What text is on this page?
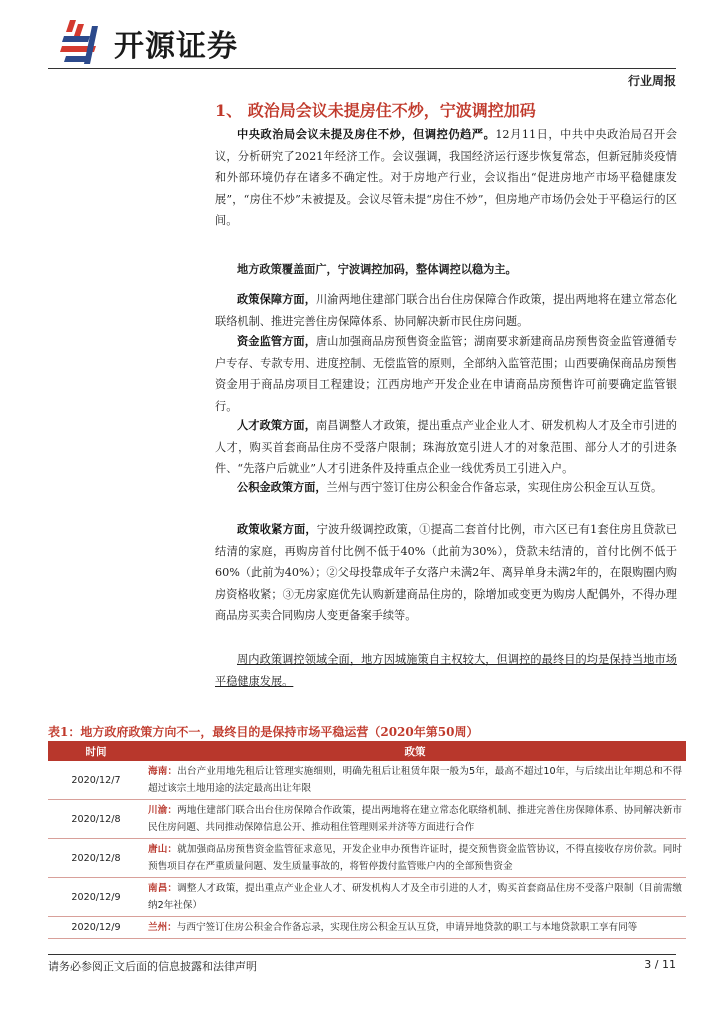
开源证券
行业周报
1、 政治局会议未提房住不炒，宁波调控加码
中央政治局会议未提及房住不炒，但调控仍趋严。12月11日，中共中央政治局召开会议，分析研究了2021年经济工作。会议强调，我国经济运行逐步恢复常态，但新冠肺炎疫情和外部环境仍存在诸多不确定性。对于房地产行业，会议指出“促进房地产市场平稳健康发展”，“房住不炒”未被提及。会议尽管未提“房住不炒”，但房地产市场仍会处于平稳运行的区间。
地方政策覆盖面广，宁波调控加码，整体调控以稳为主。
政策保障方面，川渝两地住建部门联合出台住房保障合作政策，提出两地将在建立常态化联络机制、推进完善住房保障体系、协同解决新市民住房问题。
资金监管方面，唐山加强商品房预售资金监管；湖南要求新建商品房预售资金监管遵循专户专存、专款专用、进度控制、无偿监管的原则，全部纳入监管范围；山西要确保商品房预售资金用于商品房项目工程建设；江西房地产开发企业在申请商品房预售许可前要确定监管银行。
人才政策方面，南昌调整人才政策，提出重点产业企业人才、研发机构人才及全市引进的人才，购买首套商品住房不受落户限制；珠海放宽引进人才的对象范围、部分人才的引进条件、“先落户后就业”人才引进条件及持重点企业一线优秀员工引进入户。
公积金政策方面，兰州与西宁签订住房公积金合作备忘录，实现住房公积金互认互贷。
政策收紧方面，宁波升级调控政策，①提高二套首付比例，市六区已有1套住房且贷款已结清的家庭，再购房首付比例不低于40%（此前为30%），贷款未结清的，首付比例不低于60%（此前为40%）；②父母投靠成年子女落户未满2年、离异单身未满2年的，在限购圈内购房资格收紧；③无房家庭优先认购新建商品住房的，除增加或变更为购房人配偶外，不得办理商品房买卖合同购房人变更备案手续等。
周内政策调控领域全面，地方因城施策自主权较大，但调控的最终目的均是保持当地市场平稳健康发展。
表1：地方政府政策方向不一，最终目的是保持市场平稳运营（2020年第50周）
时间	政策
2020/12/7	海南：出台产业用地先租后让管理实施细则，明确先租后让租赁年限一般为5年，最高不超过10年，与后续出让年期总和不得超过该宗土地用途的法定最高出让年限
2020/12/8	川渝：两地住建部门联合出台住房保障合作政策，提出两地将在建立常态化联络机制、推进完善住房保障体系、协同解决新市民住房问题、共同推动保障信息公开、推动租住管理则采并济等方面进行合作
2020/12/8	唐山：就加强商品房预售资金监管征求意见，开发企业申办预售许证时，提交预售资金监管协议，不得直接收存房价款。同时预售项目存在严重质量问题、发生质量事故的，将暂停拨付监管账户内的全部预售资金
2020/12/9	南昌：调整人才政策，提出重点产业企业人才、研发机构人才及全市引进的人才，购买首套商品住房不受落户限制（目前需缴纳2年社保）
2020/12/9	兰州：与西宁签订住房公积金合作备忘录，实现住房公积金互认互贷，申请异地贷款的职工与本地贷款职工享有同等
请务必参阅正文后面的信息披露和法律声明	3 / 11
